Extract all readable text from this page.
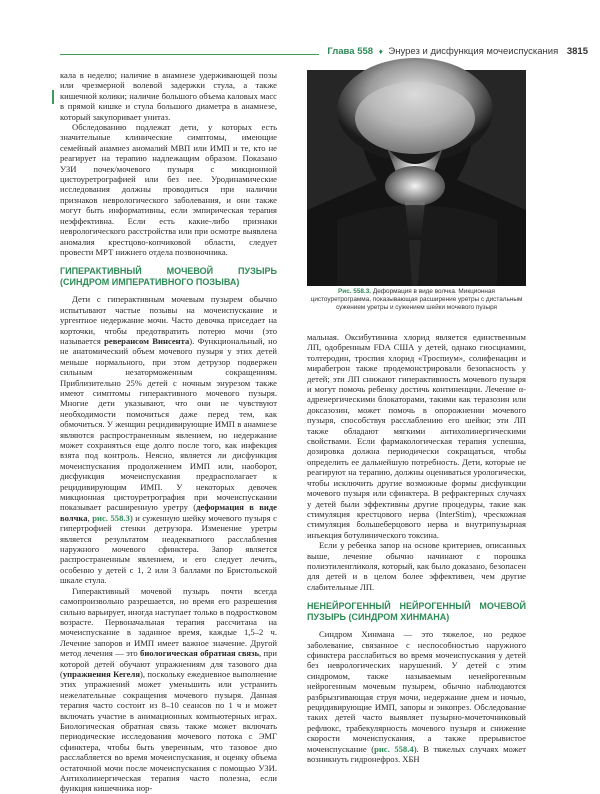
Глава 558 ♦ Энурез и дисфункция мочеиспускания 3815

кала в неделю; наличие в анамнезе удерживающей позы или чрезмерной волевой задержки стула, а также кишечной колики; наличие большого объема каловых масс в прямой кишке и стула большого диаметра в анамнезе, который закупоривает унитаз.

Обследованию подлежат дети, у которых есть значительные клинические симптомы, имеющие семейный анамнез аномалий МВП или ИМП и те, кто не реагирует на терапию надлежащим образом. Показано УЗИ почек/мочевого пузыря с микционной цистоуретрографией или без нее. Уродинамические исследования должны проводиться при наличии признаков неврологического заболевания, и они также могут быть информативны, если эмпирическая терапия неэффективна. Если есть какие-либо признаки неврологического расстройства или при осмотре выявлена аномалия крестцово-копчиковой области, следует провести МРТ нижнего отдела позвоночника.

ГИПЕРАКТИВНЫЙ МОЧЕВОЙ ПУЗЫРЬ (СИНДРОМ ИМПЕРАТИВНОГО ПОЗЫВА)

Дети с гиперактивным мочевым пузырем обычно испытывают частые позывы на мочеиспускание и ургентное недержание мочи. Часто девочка приседает на корточки, чтобы предотвратить потерю мочи (это называется реверансом Винсента). Функциональный, но не анатомический объем мочевого пузыря у этих детей меньше нормального, при этом детрузор подвержен сильным незаторможенным сокращениям. Приблизительно 25% детей с ночным энурезом также имеют симптомы гиперактивного мочевого пузыря. Многие дети указывают, что они не чувствуют необходимости помочиться даже перед тем, как обмочиться. У женщин рецидивирующие ИМП в анамнезе являются распространенным явлением, но недержание может сохраняться еще долго после того, как инфекция взята под контроль. Неясно, является ли дисфункция мочеиспускания продолжением ИМП или, наоборот, дисфункция мочеиспускания предрасполагает к рецидивирующим ИМП. У некоторых девочек микционная цистоуретрография при мочеиспускании показывает расширенную уретру (деформация в виде волчка, рис. 558.3) и суженную шейку мочевого пузыря с гипертрофией стенки детрузора. Изменение уретры является результатом неадекватного расслабления наружного мочевого сфинктера. Запор является распространенным явлением, и его следует лечить, особенно у детей с 1, 2 или 3 баллами по Бристольской шкале стула.

Гиперактивный мочевой пузырь почти всегда самопроизвольно разрешается, но время его разрешения сильно варьирует, иногда наступает только в подростковом возрасте. Первоначальная терапия рассчитана на мочеиспускание в заданное время, каждые 1,5–2 ч. Лечение запоров и ИМП имеет важное значение. Другой метод лечения — это биологическая обратная связь, при которой детей обучают упражнениям для тазового дна (упражнения Кегеля), поскольку ежедневное выполнение этих упражнений может уменьшить или устранить нежелательные сокращения мочевого пузыря. Данная терапия часто состоит из 8–10 сеансов по 1 ч и может включать участие в анимационных компьютерных играх. Биологическая обратная связь также может включать периодические исследования мочевого потока с ЭМГ сфинктера, чтобы быть уверенным, что тазовое дно расслабляется во время мочеиспускания, и оценку объема остаточной мочи после мочеиспускания с помощью УЗИ. Антихолинергическая терапия часто полезна, если функция кишечника нор-

Рис. 558.3. Деформация в виде волчка. Микционная цистоуретрограмма, показывающая расширение уретры с дистальным сужением уретры и сужением шейки мочевого пузыря

мальная. Оксибутинина хлорид является единственным ЛП, одобренным FDA США у детей, однако гиосциамин, толтеродин, троспия хлорид «Троспиум», солифенацин и мирабегрон также продемонстрировали безопасность у детей; эти ЛП снижают гиперактивность мочевого пузыря и могут помочь ребенку достичь континенции. Лечение α-адренергическими блокаторами, такими как теразозин или доксазозин, может помочь в опорожнении мочевого пузыря, способствуя расслаблению его шейки; эти ЛП также обладают мягкими антихолинергическими свойствами. Если фармакологическая терапия успешна, дозировка должна периодически сокращаться, чтобы определить ее дальнейшую потребность. Дети, которые не реагируют на терапию, должны оцениваться урологически, чтобы исключить другие возможные формы дисфункции мочевого пузыря или сфинктера. В рефрактерных случаях у детей были эффективны другие процедуры, такие как стимуляция крестцового нерва (InterStim), чрескожная стимуляция большеберцового нерва и внутрипузырная инъекция ботулинического токсина.

Если у ребенка запор на основе критериев, описанных выше, лечение обычно начинают с порошка полиэтиленгликоля, который, как было доказано, безопасен для детей и в целом более эффективен, чем другие слабительные ЛП.

НЕНЕЙРОГЕННЫЙ НЕЙРОГЕННЫЙ МОЧЕВОЙ ПУЗЫРЬ (СИНДРОМ ХИНМАНА)

Синдром Хинмана — это тяжелое, но редкое заболевание, связанное с неспособностью наружного сфинктера расслабиться во время мочеиспускания у детей без неврологических нарушений. У детей с этим синдромом, также называемым ненейрогенным нейрогенным мочевым пузырем, обычно наблюдаются разбрызгивающая струя мочи, недержание днем и ночью, рецидивирующие ИМП, запоры и энкопрез. Обследование таких детей часто выявляет пузырно-мочеточниковый рефлюкс, трабекулярность мочевого пузыря и снижение скорости мочеиспускания, а также прерывистое мочеиспускание (рис. 558.4). В тяжелых случаях может возникнуть гидронефроз. ХБН
